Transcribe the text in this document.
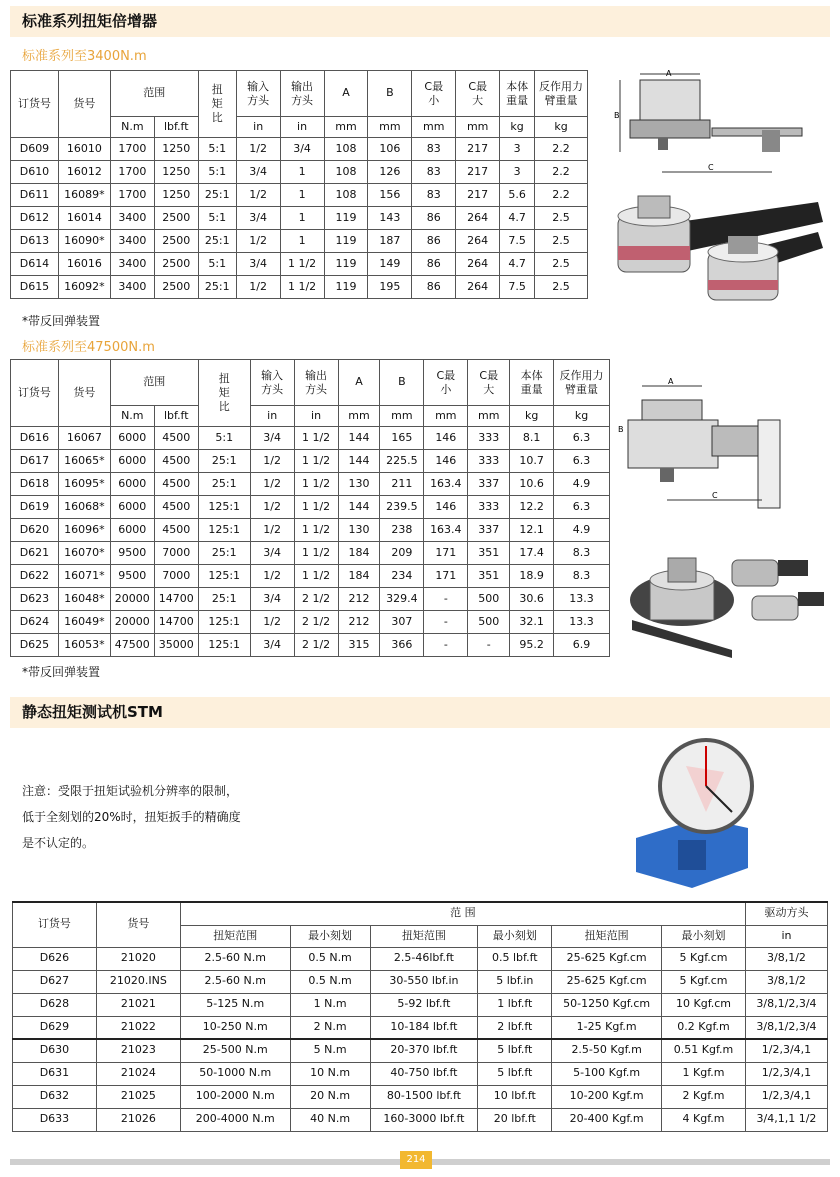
标准系列扭矩倍增器
标准系列至3400N.m
订货号	货号	范围		扭矩比	输入方头	输出方头	A	B	C最小	C最大	本体重量	反作用力臂重量
		N.m	lbf.ft		in	in	mm	mm	mm	mm	kg	kg
D609	16010	1700	1250	5:1	1/2	3/4	108	106	83	217	3	2.2
D610	16012	1700	1250	5:1	3/4	1	108	126	83	217	3	2.2
D611	16089*	1700	1250	25:1	1/2	1	108	156	83	217	5.6	2.2
D612	16014	3400	2500	5:1	3/4	1	119	143	86	264	4.7	2.5
D613	16090*	3400	2500	25:1	1/2	1	119	187	86	264	7.5	2.5
D614	16016	3400	2500	5:1	3/4	1 1/2	119	149	86	264	4.7	2.5
D615	16092*	3400	2500	25:1	1/2	1 1/2	119	195	86	264	7.5	2.5
*带反回弹装置
标准系列至47500N.m
订货号	货号	范围		扭矩比	输入方头	输出方头	A	B	C最小	C最大	本体重量	反作用力臂重量
		N.m	lbf.ft		in	in	mm	mm	mm	mm	kg	kg
D616	16067	6000	4500	5:1	3/4	1 1/2	144	165	146	333	8.1	6.3
D617	16065*	6000	4500	25:1	1/2	1 1/2	144	225.5	146	333	10.7	6.3
D618	16095*	6000	4500	25:1	1/2	1 1/2	130	211	163.4	337	10.6	4.9
D619	16068*	6000	4500	125:1	1/2	1 1/2	144	239.5	146	333	12.2	6.3
D620	16096*	6000	4500	125:1	1/2	1 1/2	130	238	163.4	337	12.1	4.9
D621	16070*	9500	7000	25:1	3/4	1 1/2	184	209	171	351	17.4	8.3
D622	16071*	9500	7000	125:1	1/2	1 1/2	184	234	171	351	18.9	8.3
D623	16048*	20000	14700	25:1	3/4	2 1/2	212	329.4	-	500	30.6	13.3
D624	16049*	20000	14700	125:1	1/2	2 1/2	212	307	-	500	32.1	13.3
D625	16053*	47500	35000	125:1	3/4	2 1/2	315	366	-	-	95.2	6.9
*带反回弹装置
A
B
C
A
B
C
静态扭矩测试机STM
注意：受限于扭矩试验机分辨率的限制，
低于全刻划的20%时，扭矩扳手的精确度
是不认定的。
订货号	货号	范 围						驱动方头
		扭矩范围	最小刻划	扭矩范围	最小刻划	扭矩范围	最小刻划	in
D626	21020	2.5-60 N.m	0.5 N.m	2.5-46lbf.ft	0.5 lbf.ft	25-625 Kgf.cm	5 Kgf.cm	3/8,1/2
D627	21020.INS	2.5-60 N.m	0.5 N.m	30-550 lbf.in	5 lbf.in	25-625 Kgf.cm	5 Kgf.cm	3/8,1/2
D628	21021	5-125 N.m	1 N.m	5-92 lbf.ft	1 lbf.ft	50-1250 Kgf.cm	10 Kgf.cm	3/8,1/2,3/4
D629	21022	10-250 N.m	2 N.m	10-184 lbf.ft	2 lbf.ft	1-25 Kgf.m	0.2 Kgf.m	3/8,1/2,3/4
D630	21023	25-500 N.m	5 N.m	20-370 lbf.ft	5 lbf.ft	2.5-50 Kgf.m	0.51 Kgf.m	1/2,3/4,1
D631	21024	50-1000 N.m	10 N.m	40-750 lbf.ft	5 lbf.ft	5-100 Kgf.m	1 Kgf.m	1/2,3/4,1
D632	21025	100-2000 N.m	20 N.m	80-1500 lbf.ft	10 lbf.ft	10-200 Kgf.m	2 Kgf.m	1/2,3/4,1
D633	21026	200-4000 N.m	40 N.m	160-3000 lbf.ft	20 lbf.ft	20-400 Kgf.m	4 Kgf.m	3/4,1,1 1/2
214
